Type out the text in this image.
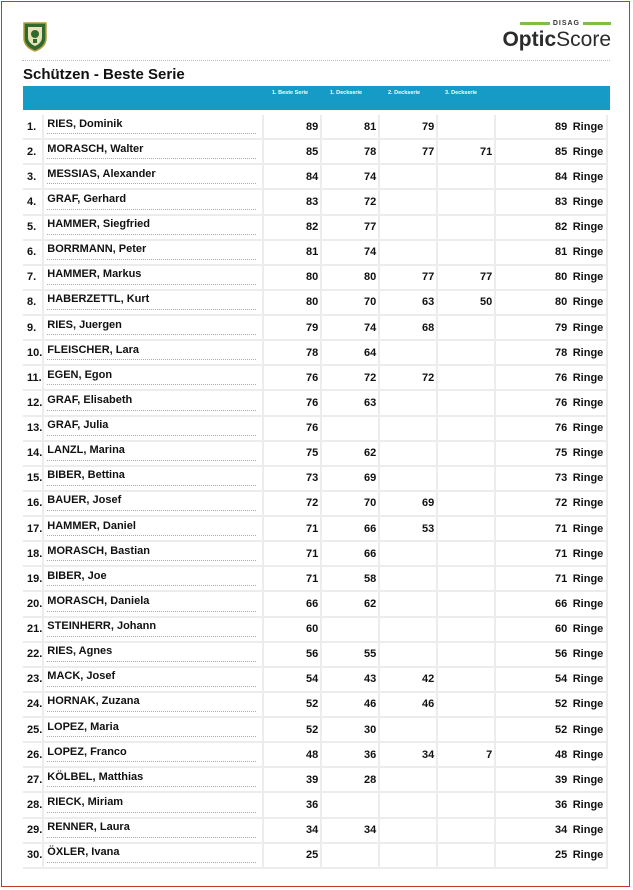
DISAG
OpticScore
Schützen - Beste Serie
1. Beste Serie	1. Deckserie	2. Deckserie	3. Deckserie
1.	RIES, Dominik	89	81	79		89 Ringe
2.	MORASCH, Walter	85	78	77	71	85 Ringe
3.	MESSIAS, Alexander	84	74			84 Ringe
4.	GRAF, Gerhard	83	72			83 Ringe
5.	HAMMER, Siegfried	82	77			82 Ringe
6.	BORRMANN, Peter	81	74			81 Ringe
7.	HAMMER, Markus	80	80	77	77	80 Ringe
8.	HABERZETTL, Kurt	80	70	63	50	80 Ringe
9.	RIES, Juergen	79	74	68		79 Ringe
10.	FLEISCHER, Lara	78	64			78 Ringe
11.	EGEN, Egon	76	72	72		76 Ringe
12.	GRAF, Elisabeth	76	63			76 Ringe
13.	GRAF, Julia	76				76 Ringe
14.	LANZL, Marina	75	62			75 Ringe
15.	BIBER, Bettina	73	69			73 Ringe
16.	BAUER, Josef	72	70	69		72 Ringe
17.	HAMMER, Daniel	71	66	53		71 Ringe
18.	MORASCH, Bastian	71	66			71 Ringe
19.	BIBER, Joe	71	58			71 Ringe
20.	MORASCH, Daniela	66	62			66 Ringe
21.	STEINHERR, Johann	60				60 Ringe
22.	RIES, Agnes	56	55			56 Ringe
23.	MACK, Josef	54	43	42		54 Ringe
24.	HORNAK, Zuzana	52	46	46		52 Ringe
25.	LOPEZ, Maria	52	30			52 Ringe
26.	LOPEZ, Franco	48	36	34	7	48 Ringe
27.	KÖLBEL, Matthias	39	28			39 Ringe
28.	RIECK, Miriam	36				36 Ringe
29.	RENNER, Laura	34	34			34 Ringe
30.	ÖXLER, Ivana	25				25 Ringe
